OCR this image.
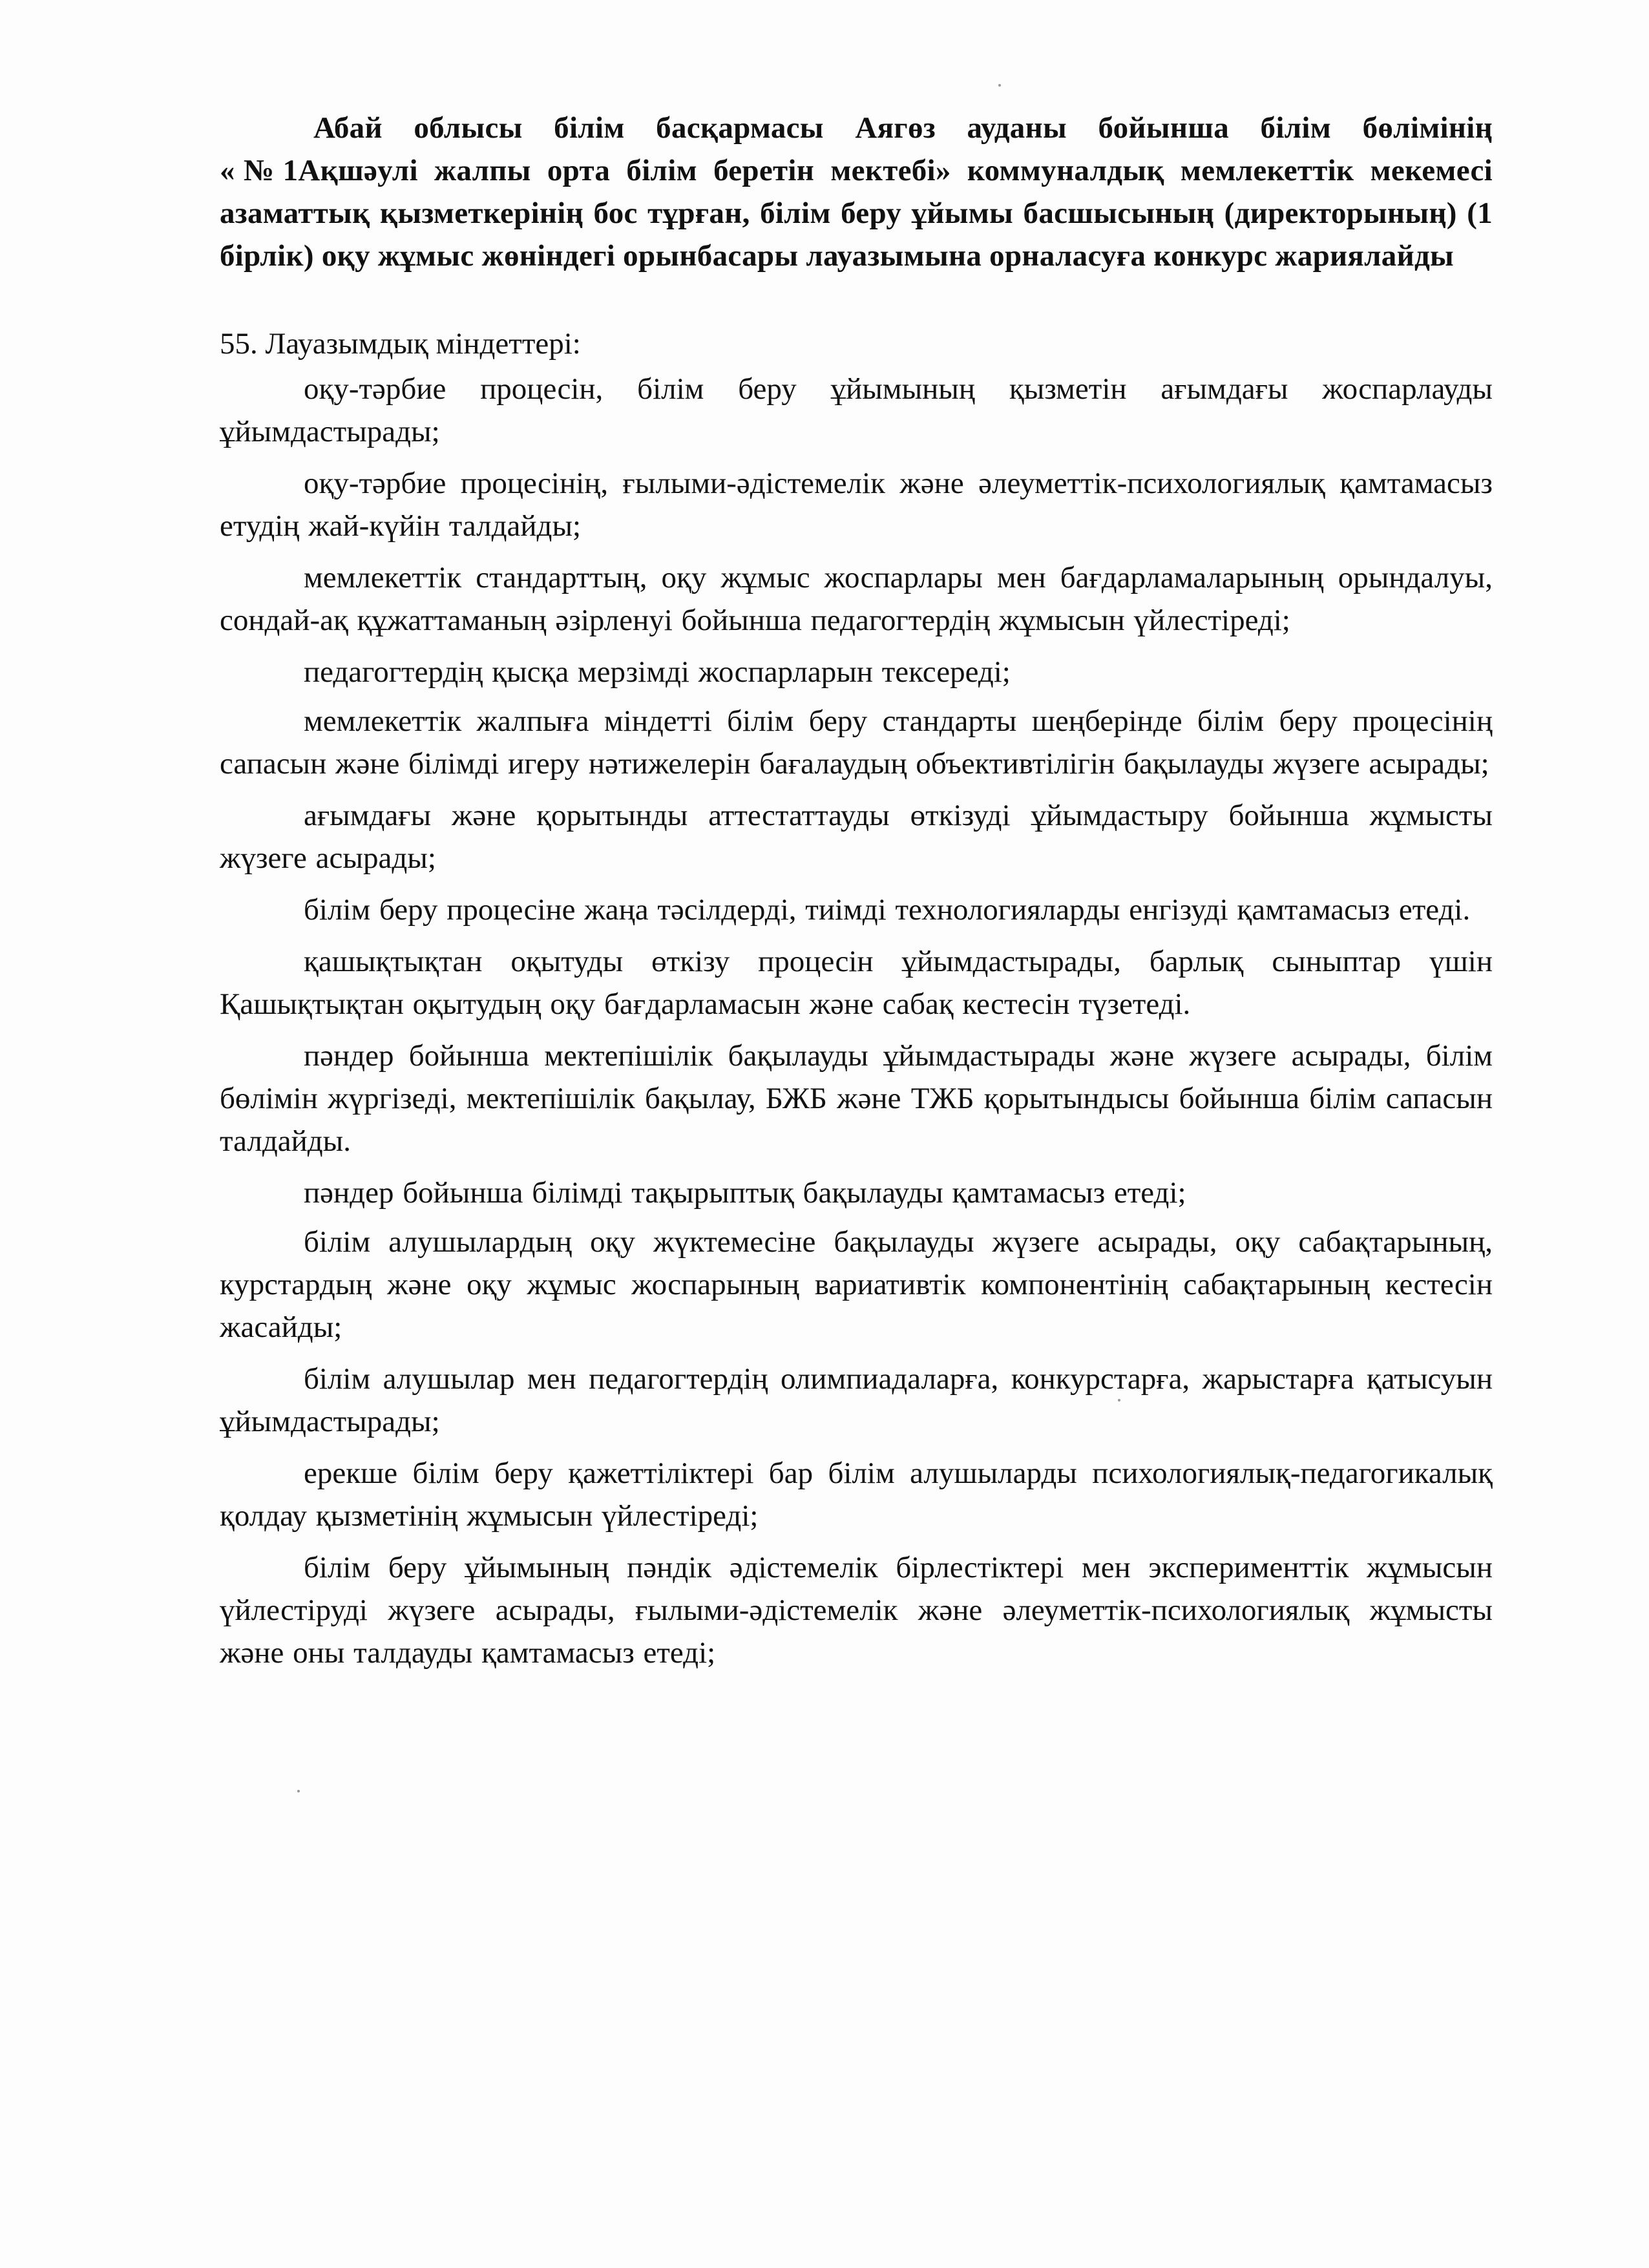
Абай облысы білім басқармасы Аягөз ауданы бойынша білім бөлімінің «№1Ақшәулі жалпы орта білім беретін мектебі» коммуналдық мемлекеттік мекемесі азаматтық қызметкерінің бос тұрған, білім беру ұйымы басшысының (директорының) (1 бірлік) оқу жұмыс жөніндегі орынбасары лауазымына орналасуға конкурс жариялайды

55. Лауазымдық міндеттері:

оқу-тәрбие процесін, білім беру ұйымының қызметін ағымдағы жоспарлауды ұйымдастырады;

оқу-тәрбие процесінің, ғылыми-әдістемелік және әлеуметтік-психологиялық қамтамасыз етудің жай-күйін талдайды;

мемлекеттік стандарттың, оқу жұмыс жоспарлары мен бағдарламаларының орындалуы, сондай-ақ құжаттаманың әзірленуі бойынша педагогтердің жұмысын үйлестіреді;

педагогтердің қысқа мерзімді жоспарларын тексереді;

мемлекеттік жалпыға міндетті білім беру стандарты шеңберінде білім беру процесінің сапасын және білімді игеру нәтижелерін бағалаудың объективтілігін бақылауды жүзеге асырады;

ағымдағы және қорытынды аттестаттауды өткізуді ұйымдастыру бойынша жұмысты жүзеге асырады;

білім беру процесіне жаңа тәсілдерді, тиімді технологияларды енгізуді қамтамасыз етеді.

қашықтықтан оқытуды өткізу процесін ұйымдастырады, барлық сыныптар үшін Қашықтықтан оқытудың оқу бағдарламасын және сабақ кестесін түзетеді.

пәндер бойынша мектепішілік бақылауды ұйымдастырады және жүзеге асырады, білім бөлімін жүргізеді, мектепішілік бақылау, БЖБ және ТЖБ қорытындысы бойынша білім сапасын талдайды.

пәндер бойынша білімді тақырыптық бақылауды қамтамасыз етеді;

білім алушылардың оқу жүктемесіне бақылауды жүзеге асырады, оқу сабақтарының, курстардың және оқу жұмыс жоспарының вариативтік компонентінің сабақтарының кестесін жасайды;

білім алушылар мен педагогтердің олимпиадаларға, конкурстарға, жарыстарға қатысуын ұйымдастырады;

ерекше білім беру қажеттіліктері бар білім алушыларды психологиялық-педагогикалық қолдау қызметінің жұмысын үйлестіреді;

білім беру ұйымының пәндік әдістемелік бірлестіктері мен эксперименттік жұмысын үйлестіруді жүзеге асырады, ғылыми-әдістемелік және әлеуметтік-психологиялық жұмысты және оны талдауды қамтамасыз етеді;
